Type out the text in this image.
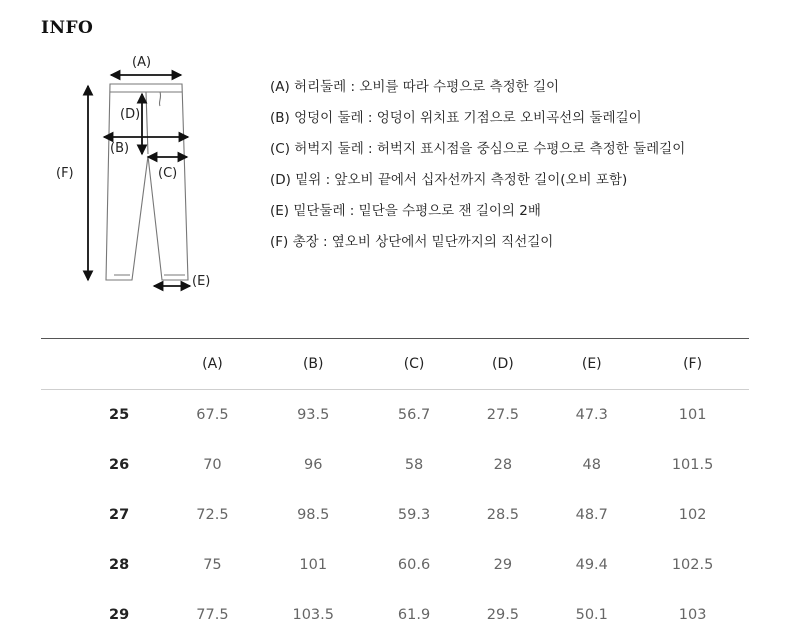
INFO
(A)
(D)
(B)
(C)
(F)
(E)
(A) 허리둘레 : 오비를 따라 수평으로 측정한 길이
(B) 엉덩이 둘레 : 엉덩이 위치표 기점으로 오비곡선의 둘레길이
(C) 허벅지 둘레 : 허벅지 표시점을 중심으로 수평으로 측정한 둘레길이
(D) 밑위 : 앞오비 끝에서 십자선까지 측정한 길이(오비 포함)
(E) 밑단둘레 : 밑단을 수평으로 잰 길이의 2배
(F) 총장 : 옆오비 상단에서 밑단까지의 직선길이
	(A)	(B)	(C)	(D)	(E)	(F)
25	67.5	93.5	56.7	27.5	47.3	101
26	70	96	58	28	48	101.5
27	72.5	98.5	59.3	28.5	48.7	102
28	75	101	60.6	29	49.4	102.5
29	77.5	103.5	61.9	29.5	50.1	103
